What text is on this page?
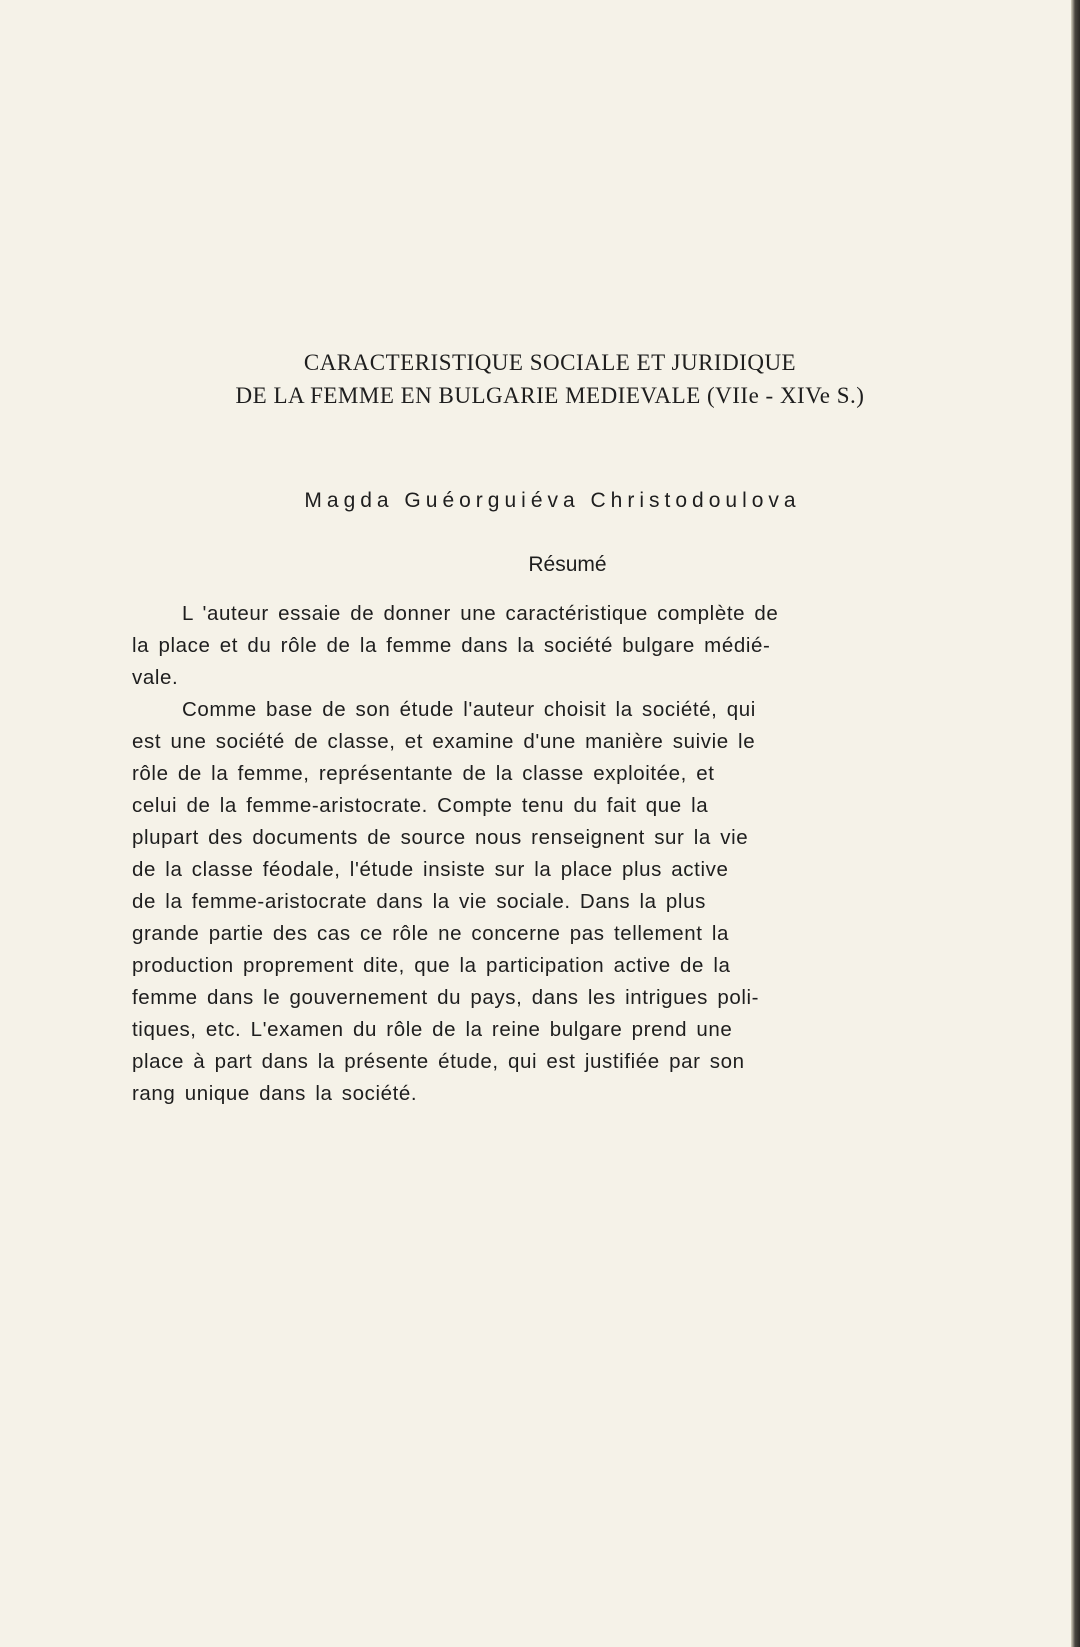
CARACTERISTIQUE SOCIALE ET JURIDIQUE
DE LA FEMME EN BULGARIE MEDIEVALE (VIIe - XIVe S.)
Magda Guéorguiéva Christodoulova
Résumé
L 'auteur essaie de donner une caractéristique complète de
la place et du rôle de la femme dans la société bulgare médié-
vale.
Comme base de son étude l'auteur choisit la société, qui
est une société de classe, et examine d'une manière suivie le
rôle de la femme, représentante de la classe exploitée, et
celui de la femme-aristocrate. Compte tenu du fait que la
plupart des documents de source nous renseignent sur la vie
de la classe féodale, l'étude insiste sur la place plus active
de la femme-aristocrate dans la vie sociale. Dans la plus
grande partie des cas ce rôle ne concerne pas tellement la
production proprement dite, que la participation active de la
femme dans le gouvernement du pays, dans les intrigues poli-
tiques, etc. L'examen du rôle de la reine bulgare prend une
place à part dans la présente étude, qui est justifiée par son
rang unique dans la société.
